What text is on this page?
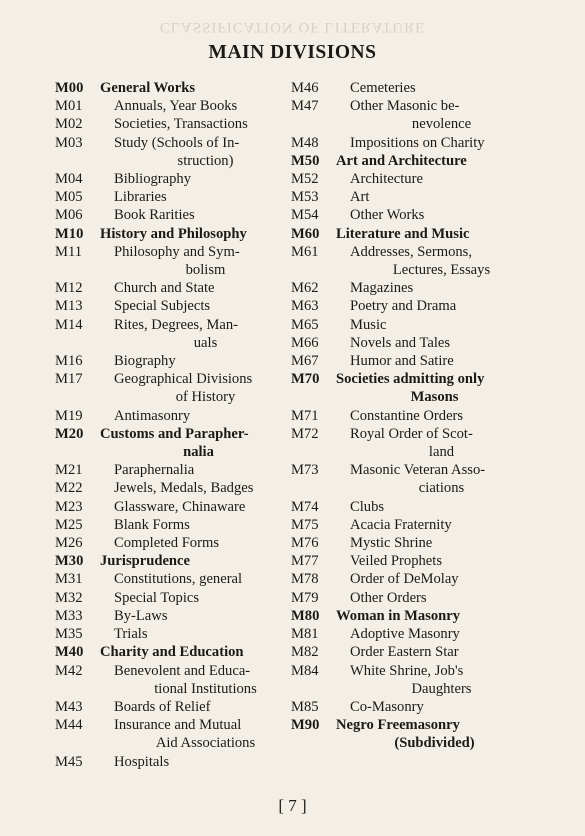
CLASSIFICATION OF LITERATURE
MAIN DIVISIONS
M00	General Works
M01	Annuals, Year Books
M02	Societies, Transactions
M03	Study (Schools of In-
struction)
M04	Bibliography
M05	Libraries
M06	Book Rarities
M10	History and Philosophy
M11	Philosophy and Sym-
bolism
M12	Church and State
M13	Special Subjects
M14	Rites, Degrees, Man-
uals
M16	Biography
M17	Geographical Divisions
of History
M19	Antimasonry
M20	Customs and Parapher-
nalia
M21	Paraphernalia
M22	Jewels, Medals, Badges
M23	Glassware, Chinaware
M25	Blank Forms
M26	Completed Forms
M30	Jurisprudence
M31	Constitutions, general
M32	Special Topics
M33	By-Laws
M35	Trials
M40	Charity and Education
M42	Benevolent and Educa-
tional Institutions
M43	Boards of Relief
M44	Insurance and Mutual
Aid Associations
M45	Hospitals
M46	Cemeteries
M47	Other Masonic be-
nevolence
M48	Impositions on Charity
M50	Art and Architecture
M52	Architecture
M53	Art
M54	Other Works
M60	Literature and Music
M61	Addresses, Sermons,
Lectures, Essays
M62	Magazines
M63	Poetry and Drama
M65	Music
M66	Novels and Tales
M67	Humor and Satire
M70	Societies admitting only
Masons
M71	Constantine Orders
M72	Royal Order of Scot-
land
M73	Masonic Veteran Asso-
ciations
M74	Clubs
M75	Acacia Fraternity
M76	Mystic Shrine
M77	Veiled Prophets
M78	Order of DeMolay
M79	Other Orders
M80	Woman in Masonry
M81	Adoptive Masonry
M82	Order Eastern Star
M84	White Shrine, Job's
Daughters
M85	Co-Masonry
M90	Negro Freemasonry
(Subdivided)
[ 7 ]
